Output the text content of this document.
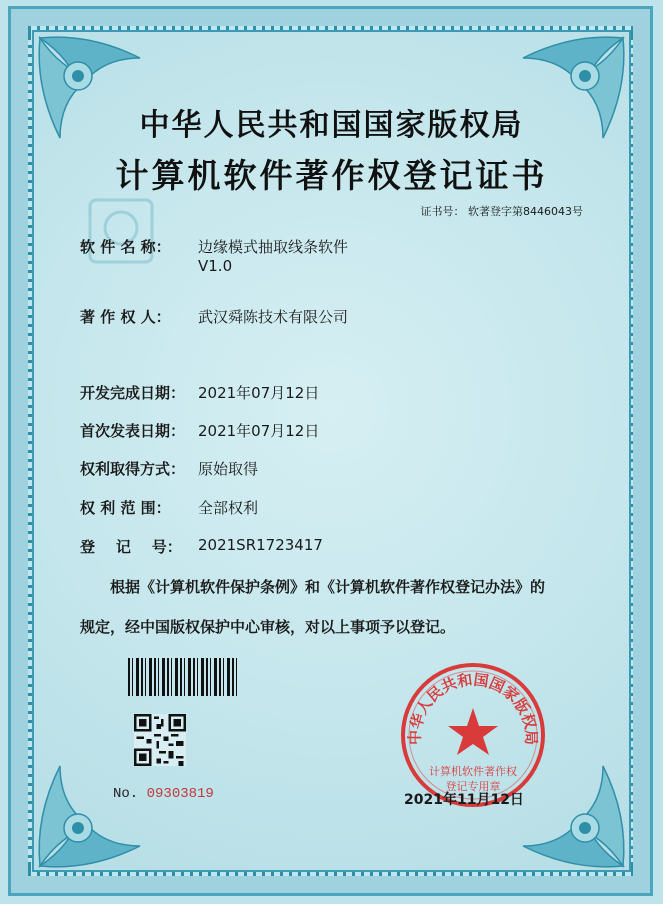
中华人民共和国国家版权局
计算机软件著作权登记证书
证书号： 软著登字第8446043号
软 件 名 称： 边缘模式抽取线条软件
V1.0
著 作 权 人： 武汉舜陈技术有限公司
开发完成日期： 2021年07月12日
首次发表日期： 2021年07月12日
权利取得方式： 原始取得
权 利 范 围： 全部权利
登    记    号： 2021SR1723417
根据《计算机软件保护条例》和《计算机软件著作权登记办法》的
规定，经中国版权保护中心审核，对以上事项予以登记。
No. 09303819
中华人民共和国国家版权局
计算机软件著作权
登记专用章
2021年11月12日
